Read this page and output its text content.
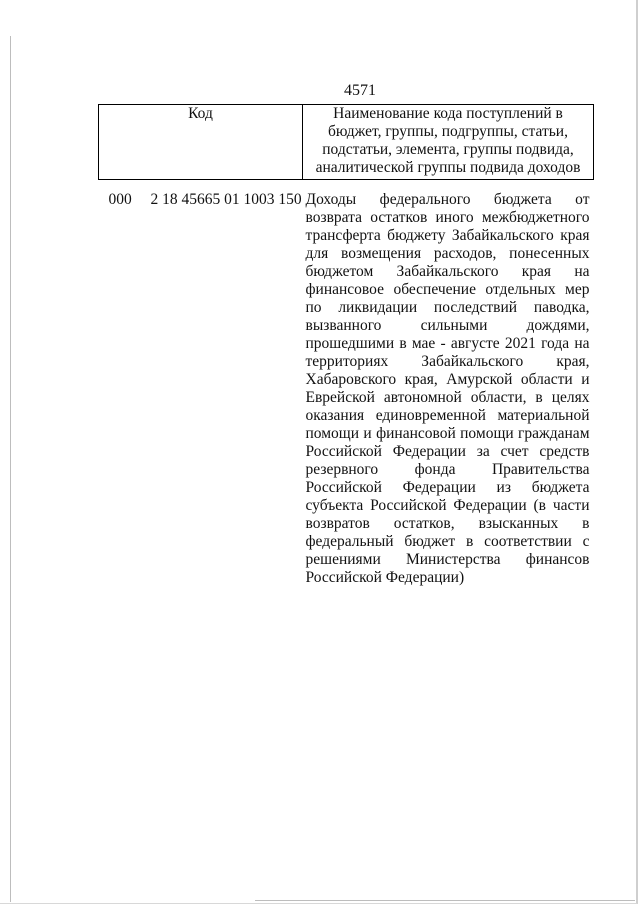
4571
Код	Наименование кода поступлений в бюджет, группы, подгруппы, статьи, подстатьи, элемента, группы подвида, аналитической группы подвида доходов

000 2 18 45665 01 1003 150	Доходы федерального бюджета от возврата остатков иного межбюджетного трансферта бюджету Забайкальского края для возмещения расходов, понесенных бюджетом Забайкальского края на финансовое обеспечение отдельных мер по ликвидации последствий паводка, вызванного сильными дождями, прошедшими в мае - августе 2021 года на территориях Забайкальского края, Хабаровского края, Амурской области и Еврейской автономной области, в целях оказания единовременной материальной помощи и финансовой помощи гражданам Российской Федерации за счет средств резервного фонда Правительства Российской Федерации из бюджета субъекта Российской Федерации (в части возвратов остатков, взысканных в федеральный бюджет в соответствии с решениями Министерства финансов Российской Федерации)
